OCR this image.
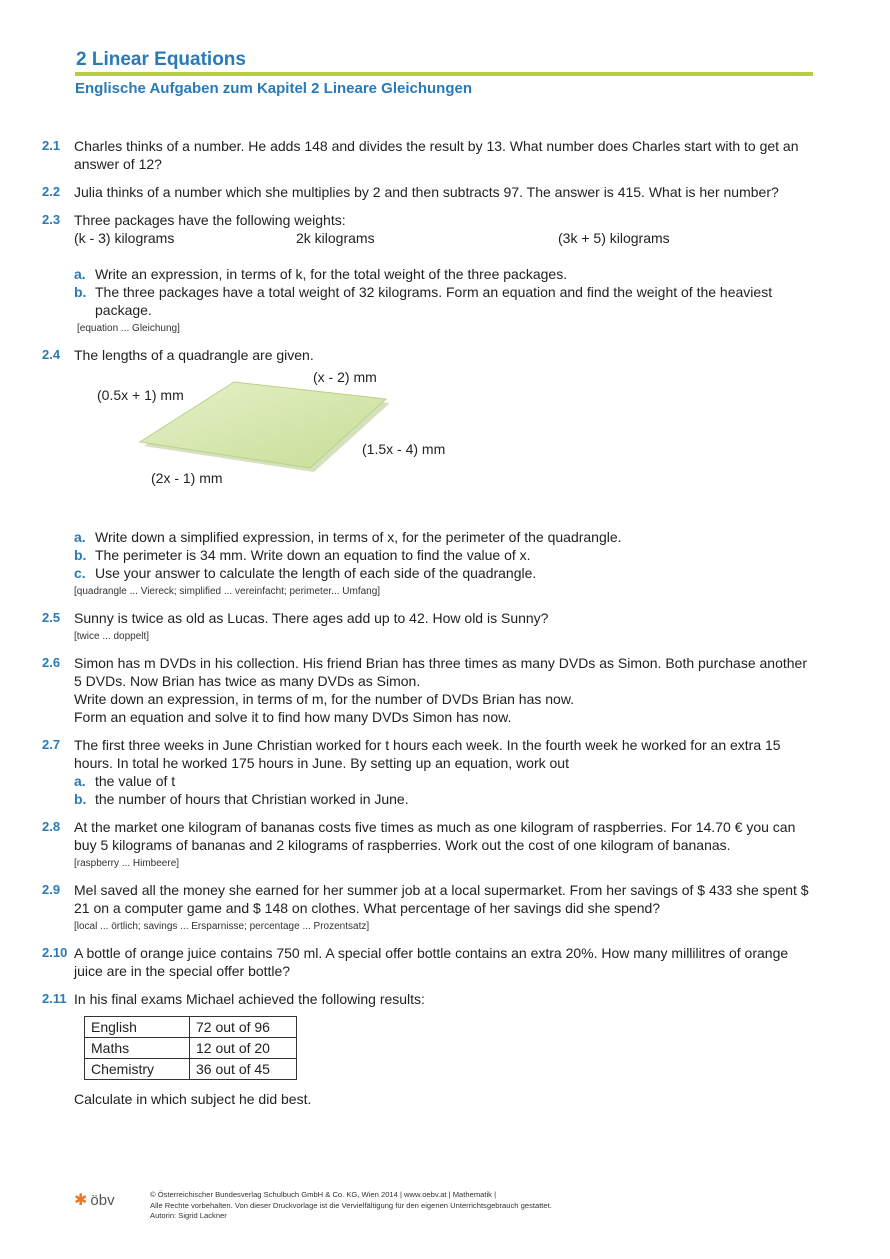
2 Linear Equations
Englische Aufgaben zum Kapitel 2 Lineare Gleichungen
2.1 Charles thinks of a number. He adds 148 and divides the result by 13. What number does Charles start with to get an answer of 12?

2.2 Julia thinks of a number which she multiplies by 2 and then subtracts 97. The answer is 415. What is her number?

2.3 Three packages have the following weights:

(k - 3) kilograms	2k kilograms	(3k + 5) kilograms
a. Write an expression, in terms of k, for the total weight of the three packages.
b. The three packages have a total weight of 32 kilograms. Form an equation and find the weight of the heaviest package.
[equation ... Gleichung]
2.4 The lengths of a quadrangle are given.

(x - 2) mm
(0.5x + 1) mm
(1.5x - 4) mm
(2x - 1) mm
a. Write down a simplified expression, in terms of x, for the perimeter of the quadrangle.
b. The perimeter is 34 mm. Write down an equation to find the value of x.
c. Use your answer to calculate the length of each side of the quadrangle.
[quadrangle ... Viereck; simplified ... vereinfacht; perimeter... Umfang]
2.5 Sunny is twice as old as Lucas. There ages add up to 42. How old is Sunny?

[twice ... doppelt]
2.6 Simon has m DVDs in his collection. His friend Brian has three times as many DVDs as Simon. Both purchase another 5 DVDs. Now Brian has twice as many DVDs as Simon.

Write down an expression, in terms of m, for the number of DVDs Brian has now.

Form an equation and solve it to find how many DVDs Simon has now.

2.7 The first three weeks in June Christian worked for t hours each week. In the fourth week he worked for an extra 15 hours. In total he worked 175 hours in June. By setting up an equation, work out

a. the value of t
b. the number of hours that Christian worked in June.
2.8 At the market one kilogram of bananas costs five times as much as one kilogram of raspberries. For 14.70 € you can buy 5 kilograms of bananas and 2 kilograms of raspberries. Work out the cost of one kilogram of bananas.

[raspberry ... Himbeere]
2.9 Mel saved all the money she earned for her summer job at a local supermarket. From her savings of $ 433 she spent $ 21 on a computer game and $ 148 on clothes. What percentage of her savings did she spend?

[local ... örtlich; savings ... Ersparnisse; percentage ... Prozentsatz]
2.10 A bottle of orange juice contains 750 ml. A special offer bottle contains an extra 20%. How many millilitres of orange juice are in the special offer bottle?

2.11 In his final exams Michael achieved the following results:

English	72 out of 96
Maths	12 out of 20
Chemistry	36 out of 45

Calculate in which subject he did best.

✱ öbv	© Österreichischer Bundesverlag Schulbuch GmbH & Co. KG, Wien 2014 | www.oebv.at | Mathematik |
Alle Rechte vorbehalten. Von dieser Druckvorlage ist die Vervielfältigung für den eigenen Unterrichtsgebrauch gestattet.
Autorin: Sigrid Lackner
